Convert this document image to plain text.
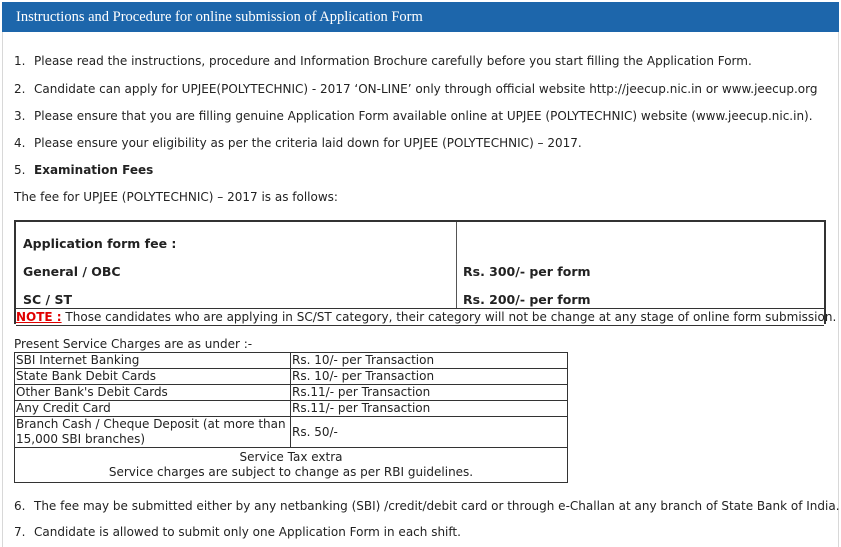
Instructions and Procedure for online submission of Application Form
1. Please read the instructions, procedure and Information Brochure carefully before you start filling the Application Form.
2. Candidate can apply for UPJEE(POLYTECHNIC) - 2017 ‘ON-LINE’ only through official website http://jeecup.nic.in or www.jeecup.org
3. Please ensure that you are filling genuine Application Form available online at UPJEE (POLYTECHNIC) website (www.jeecup.nic.in).
4. Please ensure your eligibility as per the criteria laid down for UPJEE (POLYTECHNIC) – 2017.
5. Examination Fees
The fee for UPJEE (POLYTECHNIC) – 2017 is as follows:
Application form fee :
General / OBC	Rs. 300/- per form
SC / ST	Rs. 200/- per form
NOTE : Those candidates who are applying in SC/ST category, their category will not be change at any stage of online form submission.
Present Service Charges are as under :-
SBI Internet Banking	Rs. 10/- per Transaction
State Bank Debit Cards	Rs. 10/- per Transaction
Other Bank's Debit Cards	Rs.11/- per Transaction
Any Credit Card	Rs.11/- per Transaction
Branch Cash / Cheque Deposit (at more than 15,000 SBI branches)	Rs. 50/-

Service Tax extra
Service charges are subject to change as per RBI guidelines.	
6. The fee may be submitted either by any netbanking (SBI) /credit/debit card or through e-Challan at any branch of State Bank of India.
7. Candidate is allowed to submit only one Application Form in each shift.
